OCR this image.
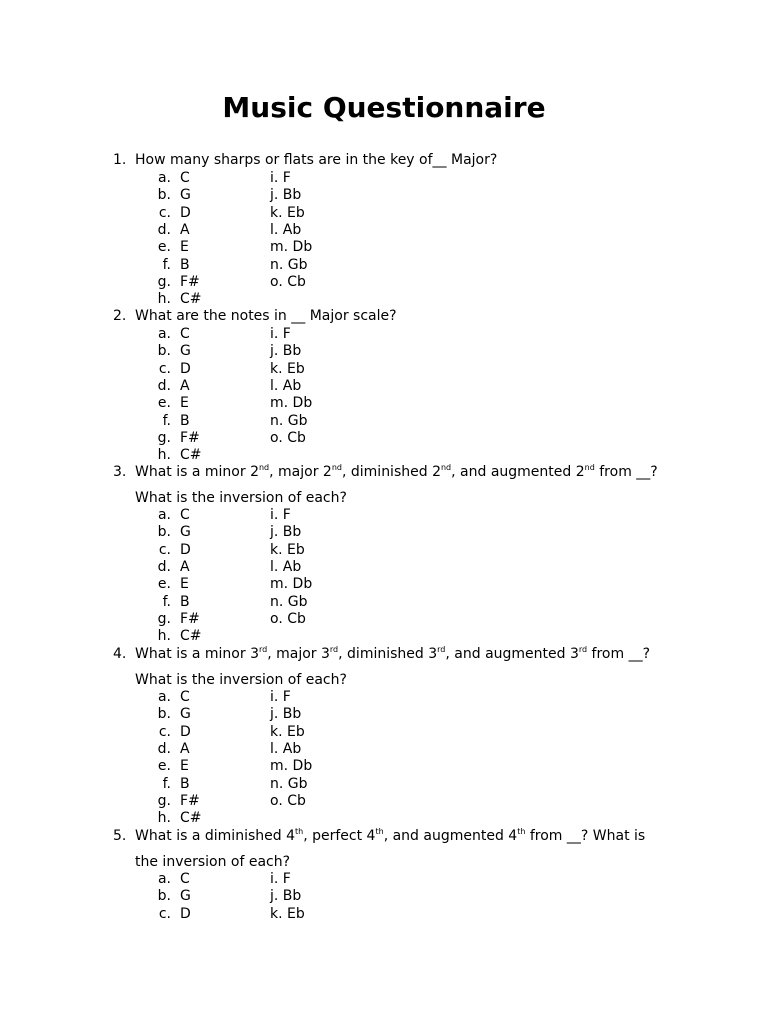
Music Questionnaire
1. How many sharps or flats are in the key of__ Major?
a. C	i. F
b. G	j. Bb
c. D	k. Eb
d. A	l. Ab
e. E	m. Db
f. B	n. Gb
g. F#	o. Cb
h. C#
2. What are the notes in __ Major scale?
a. C	i. F
b. G	j. Bb
c. D	k. Eb
d. A	l. Ab
e. E	m. Db
f. B	n. Gb
g. F#	o. Cb
h. C#
3. What is a minor 2nd, major 2nd, diminished 2nd, and augmented 2nd from __?
What is the inversion of each?
a. C	i. F
b. G	j. Bb
c. D	k. Eb
d. A	l. Ab
e. E	m. Db
f. B	n. Gb
g. F#	o. Cb
h. C#
4. What is a minor 3rd, major 3rd, diminished 3rd, and augmented 3rd from __?
What is the inversion of each?
a. C	i. F
b. G	j. Bb
c. D	k. Eb
d. A	l. Ab
e. E	m. Db
f. B	n. Gb
g. F#	o. Cb
h. C#
5. What is a diminished 4th, perfect 4th, and augmented 4th from __? What is
the inversion of each?
a. C	i. F
b. G	j. Bb
c. D	k. Eb
